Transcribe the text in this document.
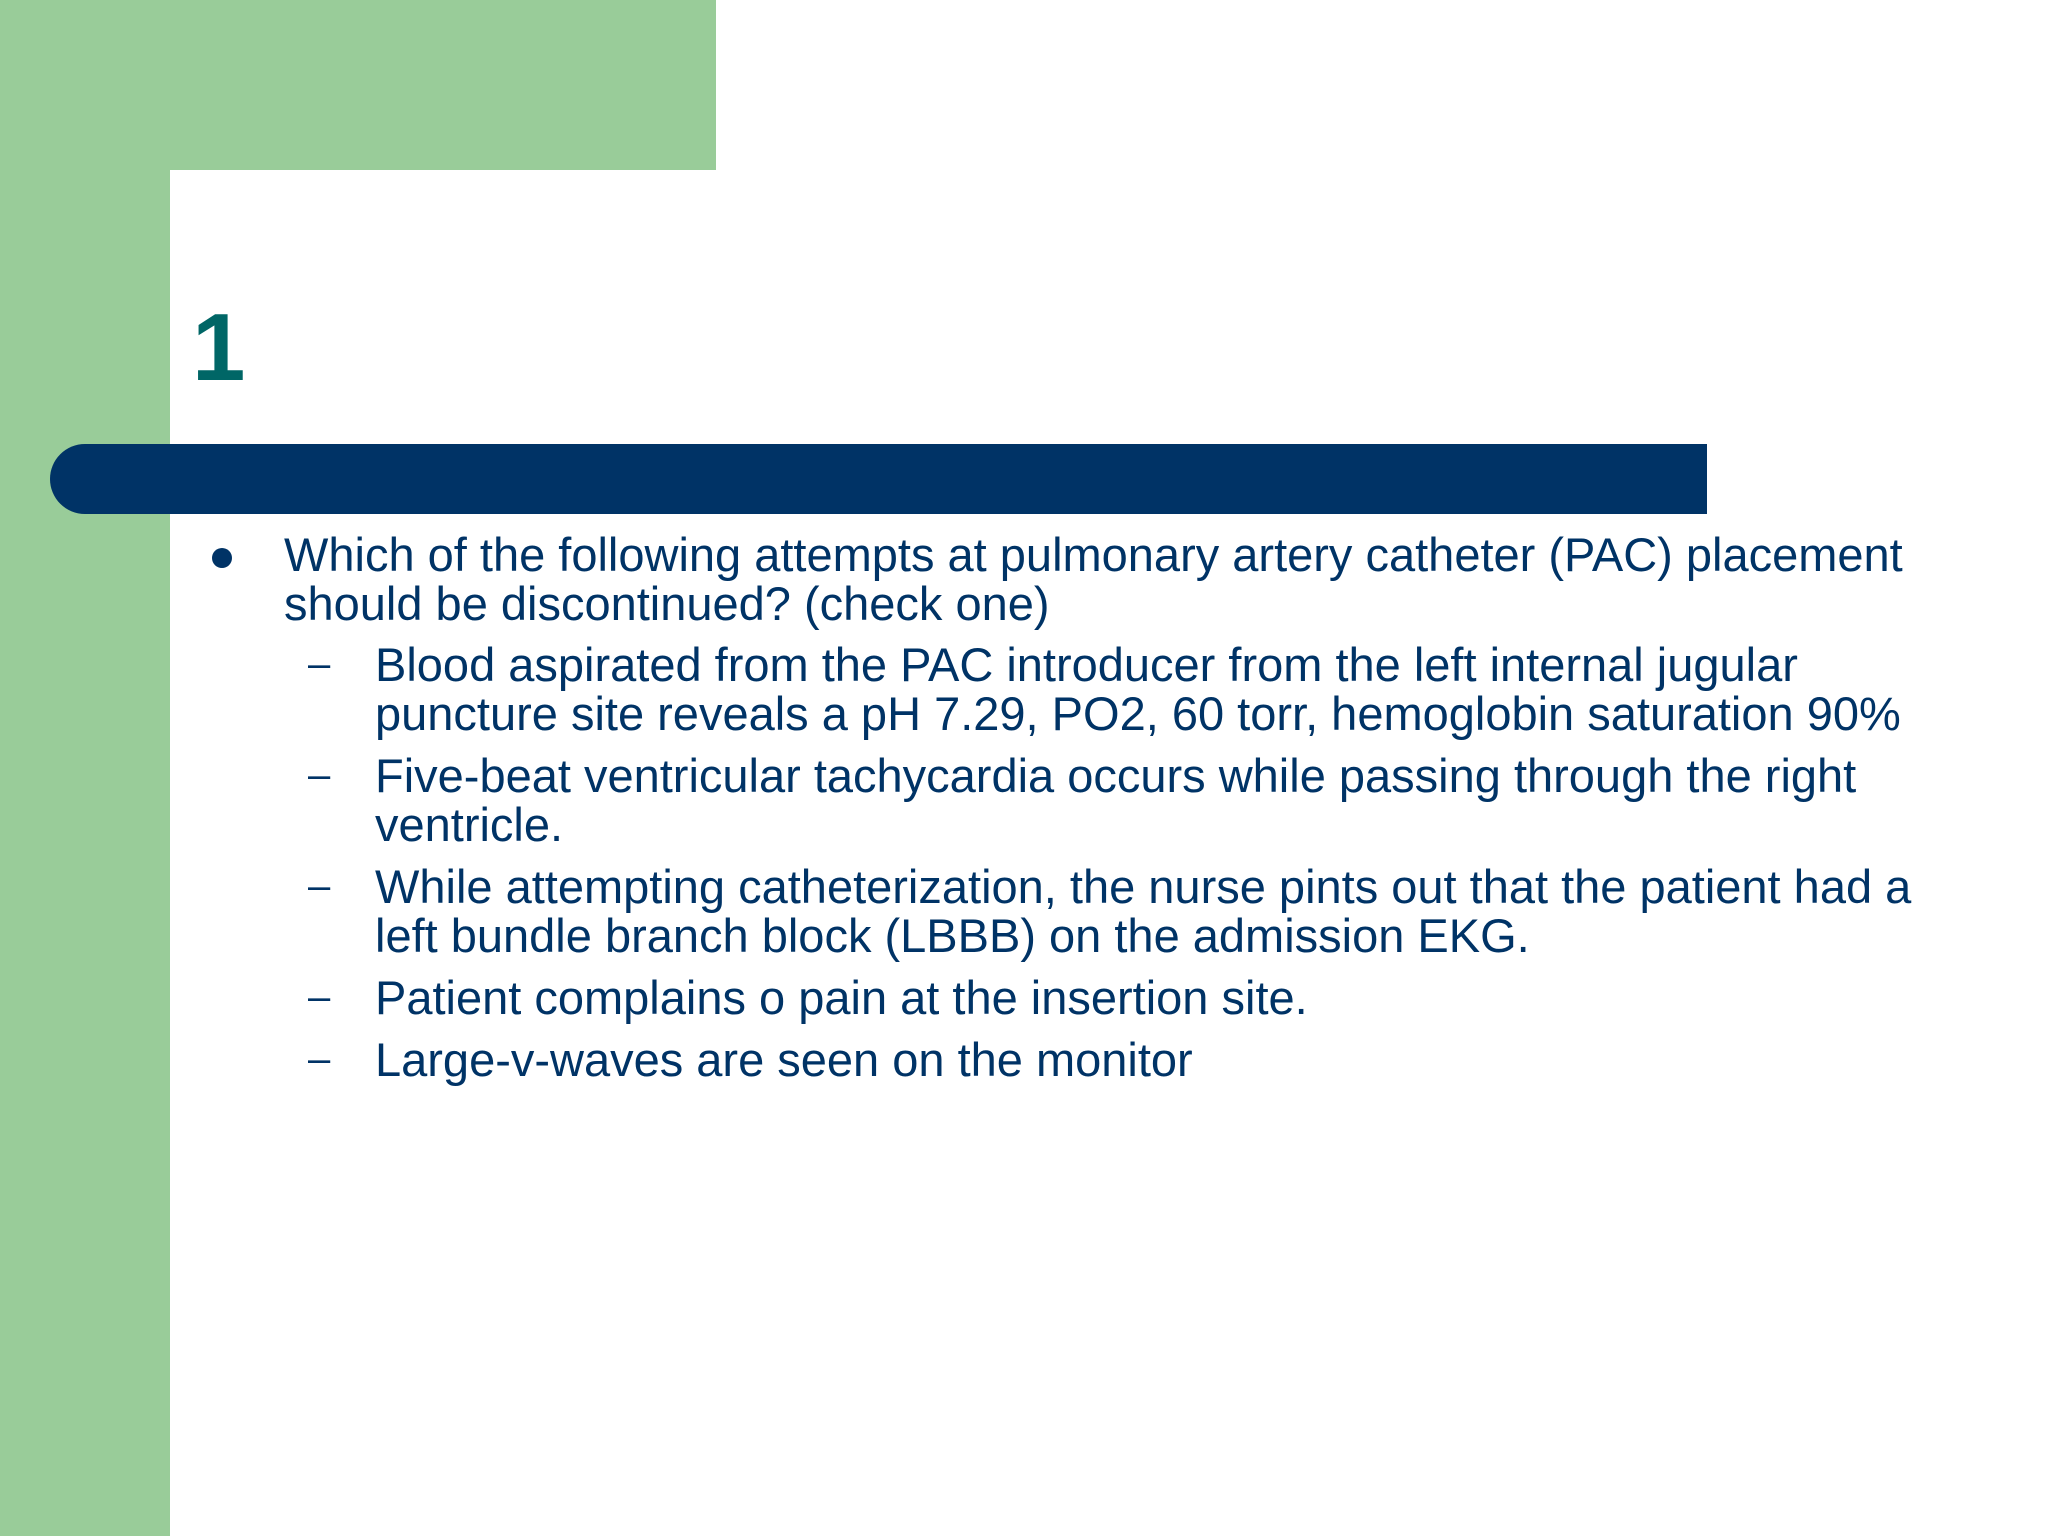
1
Which of the following attempts at pulmonary artery catheter (PAC) placement should be discontinued? (check one)
– Blood aspirated from the PAC introducer from the left internal jugular puncture site reveals a pH 7.29, PO2, 60 torr, hemoglobin saturation 90%
– Five-beat ventricular tachycardia occurs while passing through the right ventricle.
– While attempting catheterization, the nurse pints out that the patient had a left bundle branch block (LBBB) on the admission EKG.
– Patient complains o pain at the insertion site.
– Large-v-waves are seen on the monitor
